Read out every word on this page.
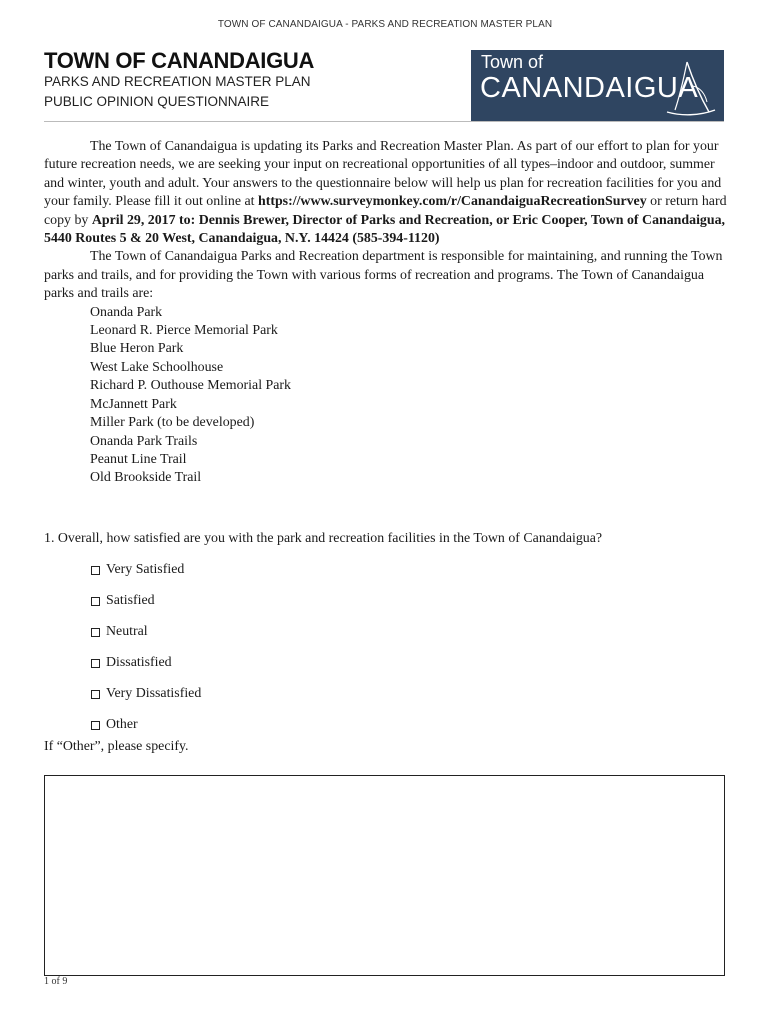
TOWN OF CANANDAIGUA - PARKS AND RECREATION MASTER PLAN
TOWN OF CANANDAIGUA
PARKS AND RECREATION MASTER PLAN
PUBLIC OPINION QUESTIONNAIRE
Town of
CANANDAIGUA

The Town of Canandaigua is updating its Parks and Recreation Master Plan. As part of our effort to plan for your future recreation needs, we are seeking your input on recreational opportunities of all types–indoor and outdoor, summer and winter, youth and adult. Your answers to the questionnaire below will help us plan for recreation facilities for you and your family. Please fill it out online at https://www.surveymonkey.com/r/CanandaiguaRecreationSurvey or return hard copy by April 29, 2017 to: Dennis Brewer, Director of Parks and Recreation, or Eric Cooper, Town of Canandaigua, 5440 Routes 5 & 20 West, Canandaigua, N.Y. 14424 (585-394-1120)

The Town of Canandaigua Parks and Recreation department is responsible for maintaining, and running the Town parks and trails, and for providing the Town with various forms of recreation and programs. The Town of Canandaigua parks and trails are:

Onanda Park
Leonard R. Pierce Memorial Park
Blue Heron Park
West Lake Schoolhouse
Richard P. Outhouse Memorial Park
McJannett Park
Miller Park (to be developed)
Onanda Park Trails
Peanut Line Trail
Old Brookside Trail
1. Overall, how satisfied are you with the park and recreation facilities in the Town of Canandaigua?
Very Satisfied
Satisfied
Neutral
Dissatisfied
Very Dissatisfied
Other
If “Other”, please specify.
1 of 9
